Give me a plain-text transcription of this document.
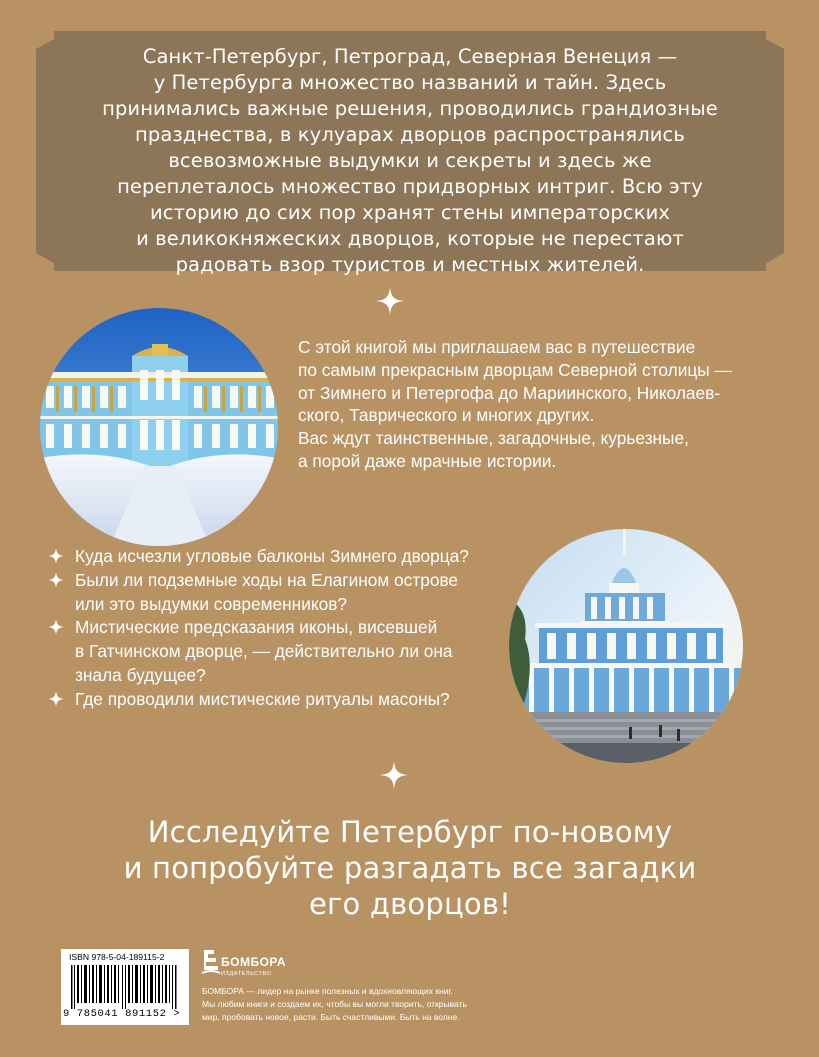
Санкт-Петербург, Петроград, Северная Венеция —
у Петербурга множество названий и тайн. Здесь
принимались важные решения, проводились грандиозные
празднества, в кулуарах дворцов распространялись
всевозможные выдумки и секреты и здесь же
переплеталось множество придворных интриг. Всю эту
историю до сих пор хранят стены императорских
и великокняжеских дворцов, которые не перестают
радовать взор туристов и местных жителей.

С этой книгой мы приглашаем вас в путешествие

по самым прекрасным дворцам Северной столицы —

от Зимнего и Петергофа до Мариинского, Николаев-

ского, Таврического и многих других.

Вас ждут таинственные, загадочные, курьезные,

а порой даже мрачные истории.

Куда исчезли угловые балконы Зимнего дворца?
Были ли подземные ходы на Елагином острове
или это выдумки современников?
Мистические предсказания иконы, висевшей
в Гатчинском дворце, — действительно ли она
знала будущее?
Где проводили мистические ритуалы масоны?
Исследуйте Петербург по-новому
и попробуйте разгадать все загадки
его дворцов!
ISBN 978-5-04-189115-2
9 785041 891152 >
БОМБОРА
ИЗДАТЕЛЬСТВО
БОМБОРА — лидер на рынке полезных и вдохновляющих книг.
Мы любим книги и создаем их, чтобы вы могли творить, открывать
мир, пробовать новое, расти. Быть счастливыми. Быть на волне.
